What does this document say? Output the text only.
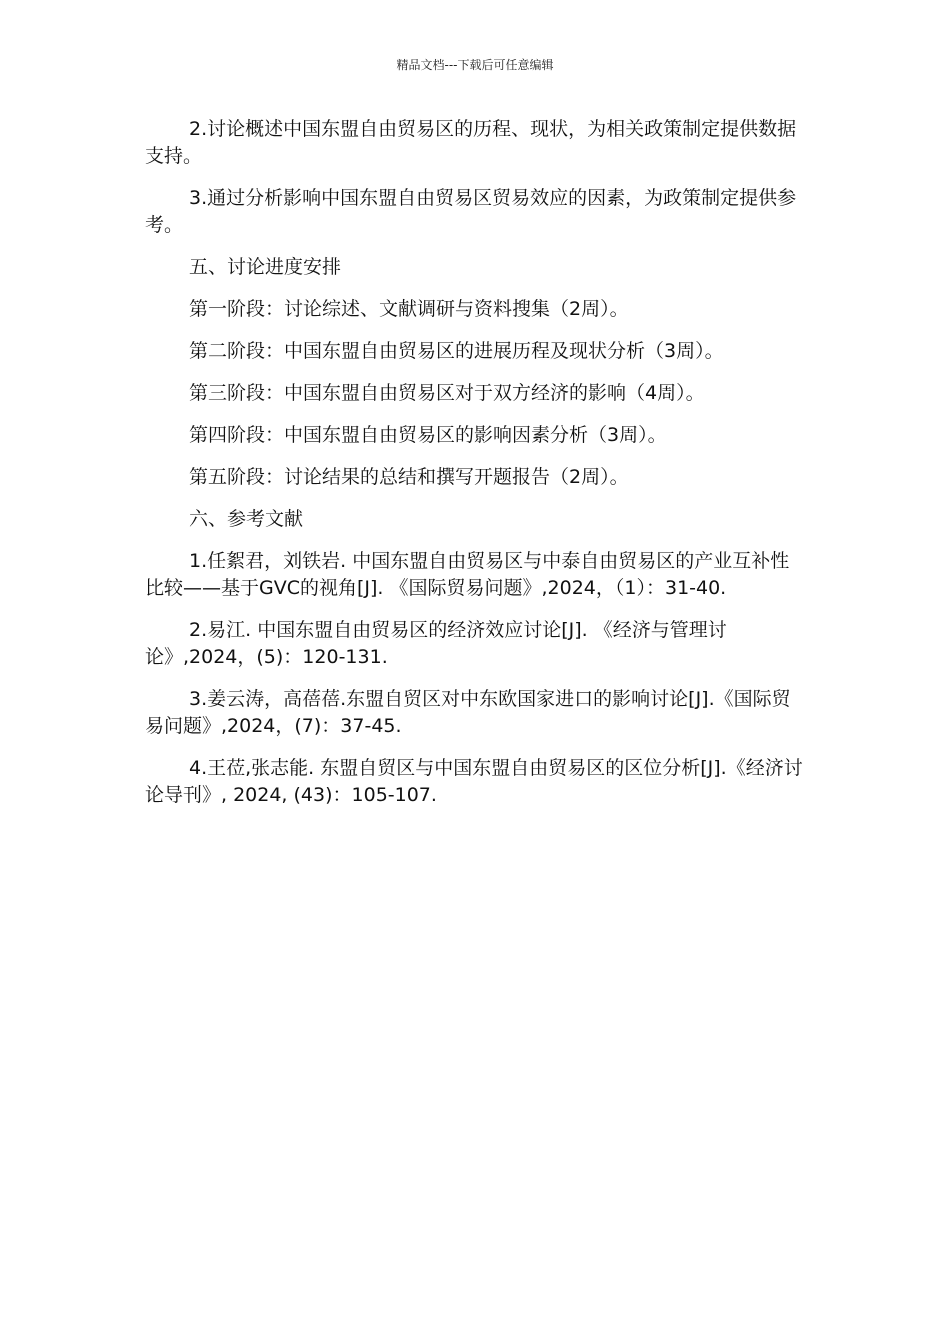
精品文档---下载后可任意编辑

2.讨论概述中国东盟自由贸易区的历程、现状，为相关政策制定提供数据支持。

3.通过分析影响中国东盟自由贸易区贸易效应的因素，为政策制定提供参考。

五、讨论进度安排

第一阶段：讨论综述、文献调研与资料搜集（2周）。

第二阶段：中国东盟自由贸易区的进展历程及现状分析（3周）。

第三阶段：中国东盟自由贸易区对于双方经济的影响（4周）。

第四阶段：中国东盟自由贸易区的影响因素分析（3周）。

第五阶段：讨论结果的总结和撰写开题报告（2周）。

六、参考文献

1.任絮君，刘铁岩. 中国东盟自由贸易区与中泰自由贸易区的产业互补性比较——基于GVC的视角[J]. 《国际贸易问题》,2024，（1）：31-40.

2.易江. 中国东盟自由贸易区的经济效应讨论[J]. 《经济与管理讨论》,2024，(5)：120-131.

3.姜云涛，高蓓蓓.东盟自贸区对中东欧国家进口的影响讨论[J].《国际贸易问题》,2024，(7)：37-45.

4.王莅,张志能. 东盟自贸区与中国东盟自由贸易区的区位分析[J].《经济讨论导刊》, 2024, (43)：105-107.
